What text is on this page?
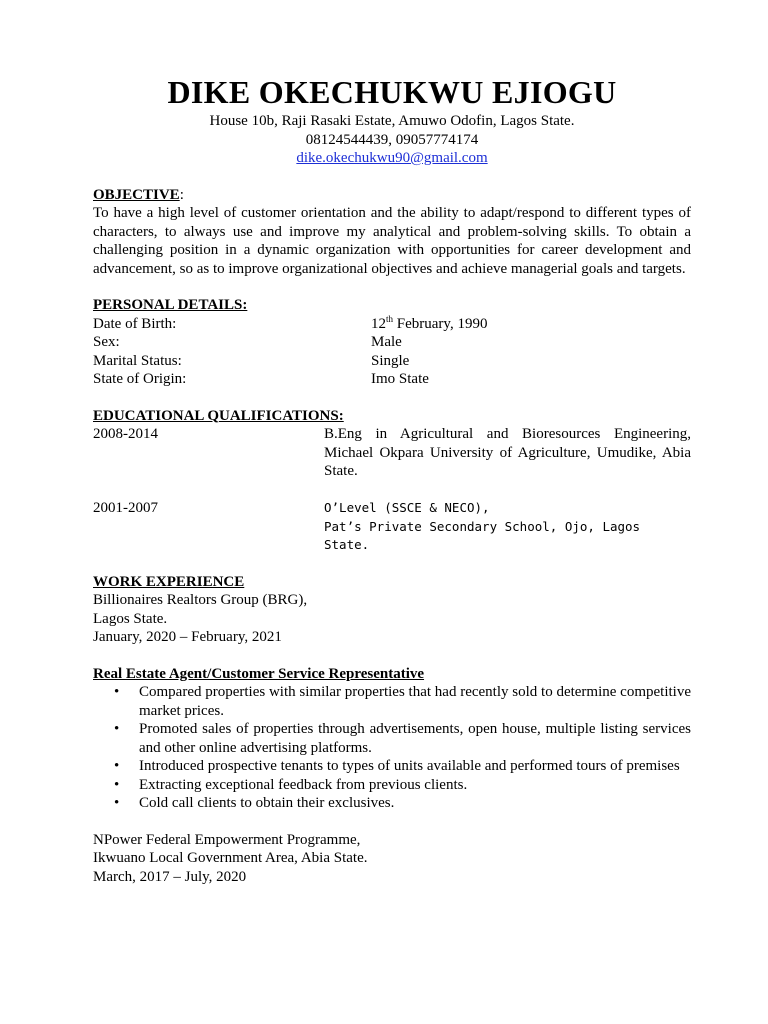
DIKE OKECHUKWU EJIOGU
House 10b, Raji Rasaki Estate, Amuwo Odofin, Lagos State.
08124544439, 09057774174
dike.okechukwu90@gmail.com
OBJECTIVE:
To have a high level of customer orientation and the ability to adapt/respond to different types of characters, to always use and improve my analytical and problem-solving skills. To obtain a challenging position in a dynamic organization with opportunities for career development and advancement, so as to improve organizational objectives and achieve managerial goals and targets.
PERSONAL DETAILS:
Date of Birth:	12th February, 1990
Sex:	Male
Marital Status:	Single
State of Origin:	Imo State
EDUCATIONAL QUALIFICATIONS:
2008-2014	B.Eng in Agricultural and Bioresources Engineering, Michael Okpara University of Agriculture, Umudike, Abia State.
2001-2007	O’Level (SSCE & NECO),
Pat’s Private Secondary School, Ojo, Lagos State.
WORK EXPERIENCE
Billionaires Realtors Group (BRG),
Lagos State.
January, 2020 – February, 2021
Real Estate Agent/Customer Service Representative
• Compared properties with similar properties that had recently sold to determine competitive market prices.
• Promoted sales of properties through advertisements, open house, multiple listing services and other online advertising platforms.
• Introduced prospective tenants to types of units available and performed tours of premises
• Extracting exceptional feedback from previous clients.
• Cold call clients to obtain their exclusives.
NPower Federal Empowerment Programme,
Ikwuano Local Government Area, Abia State.
March, 2017 – July, 2020
